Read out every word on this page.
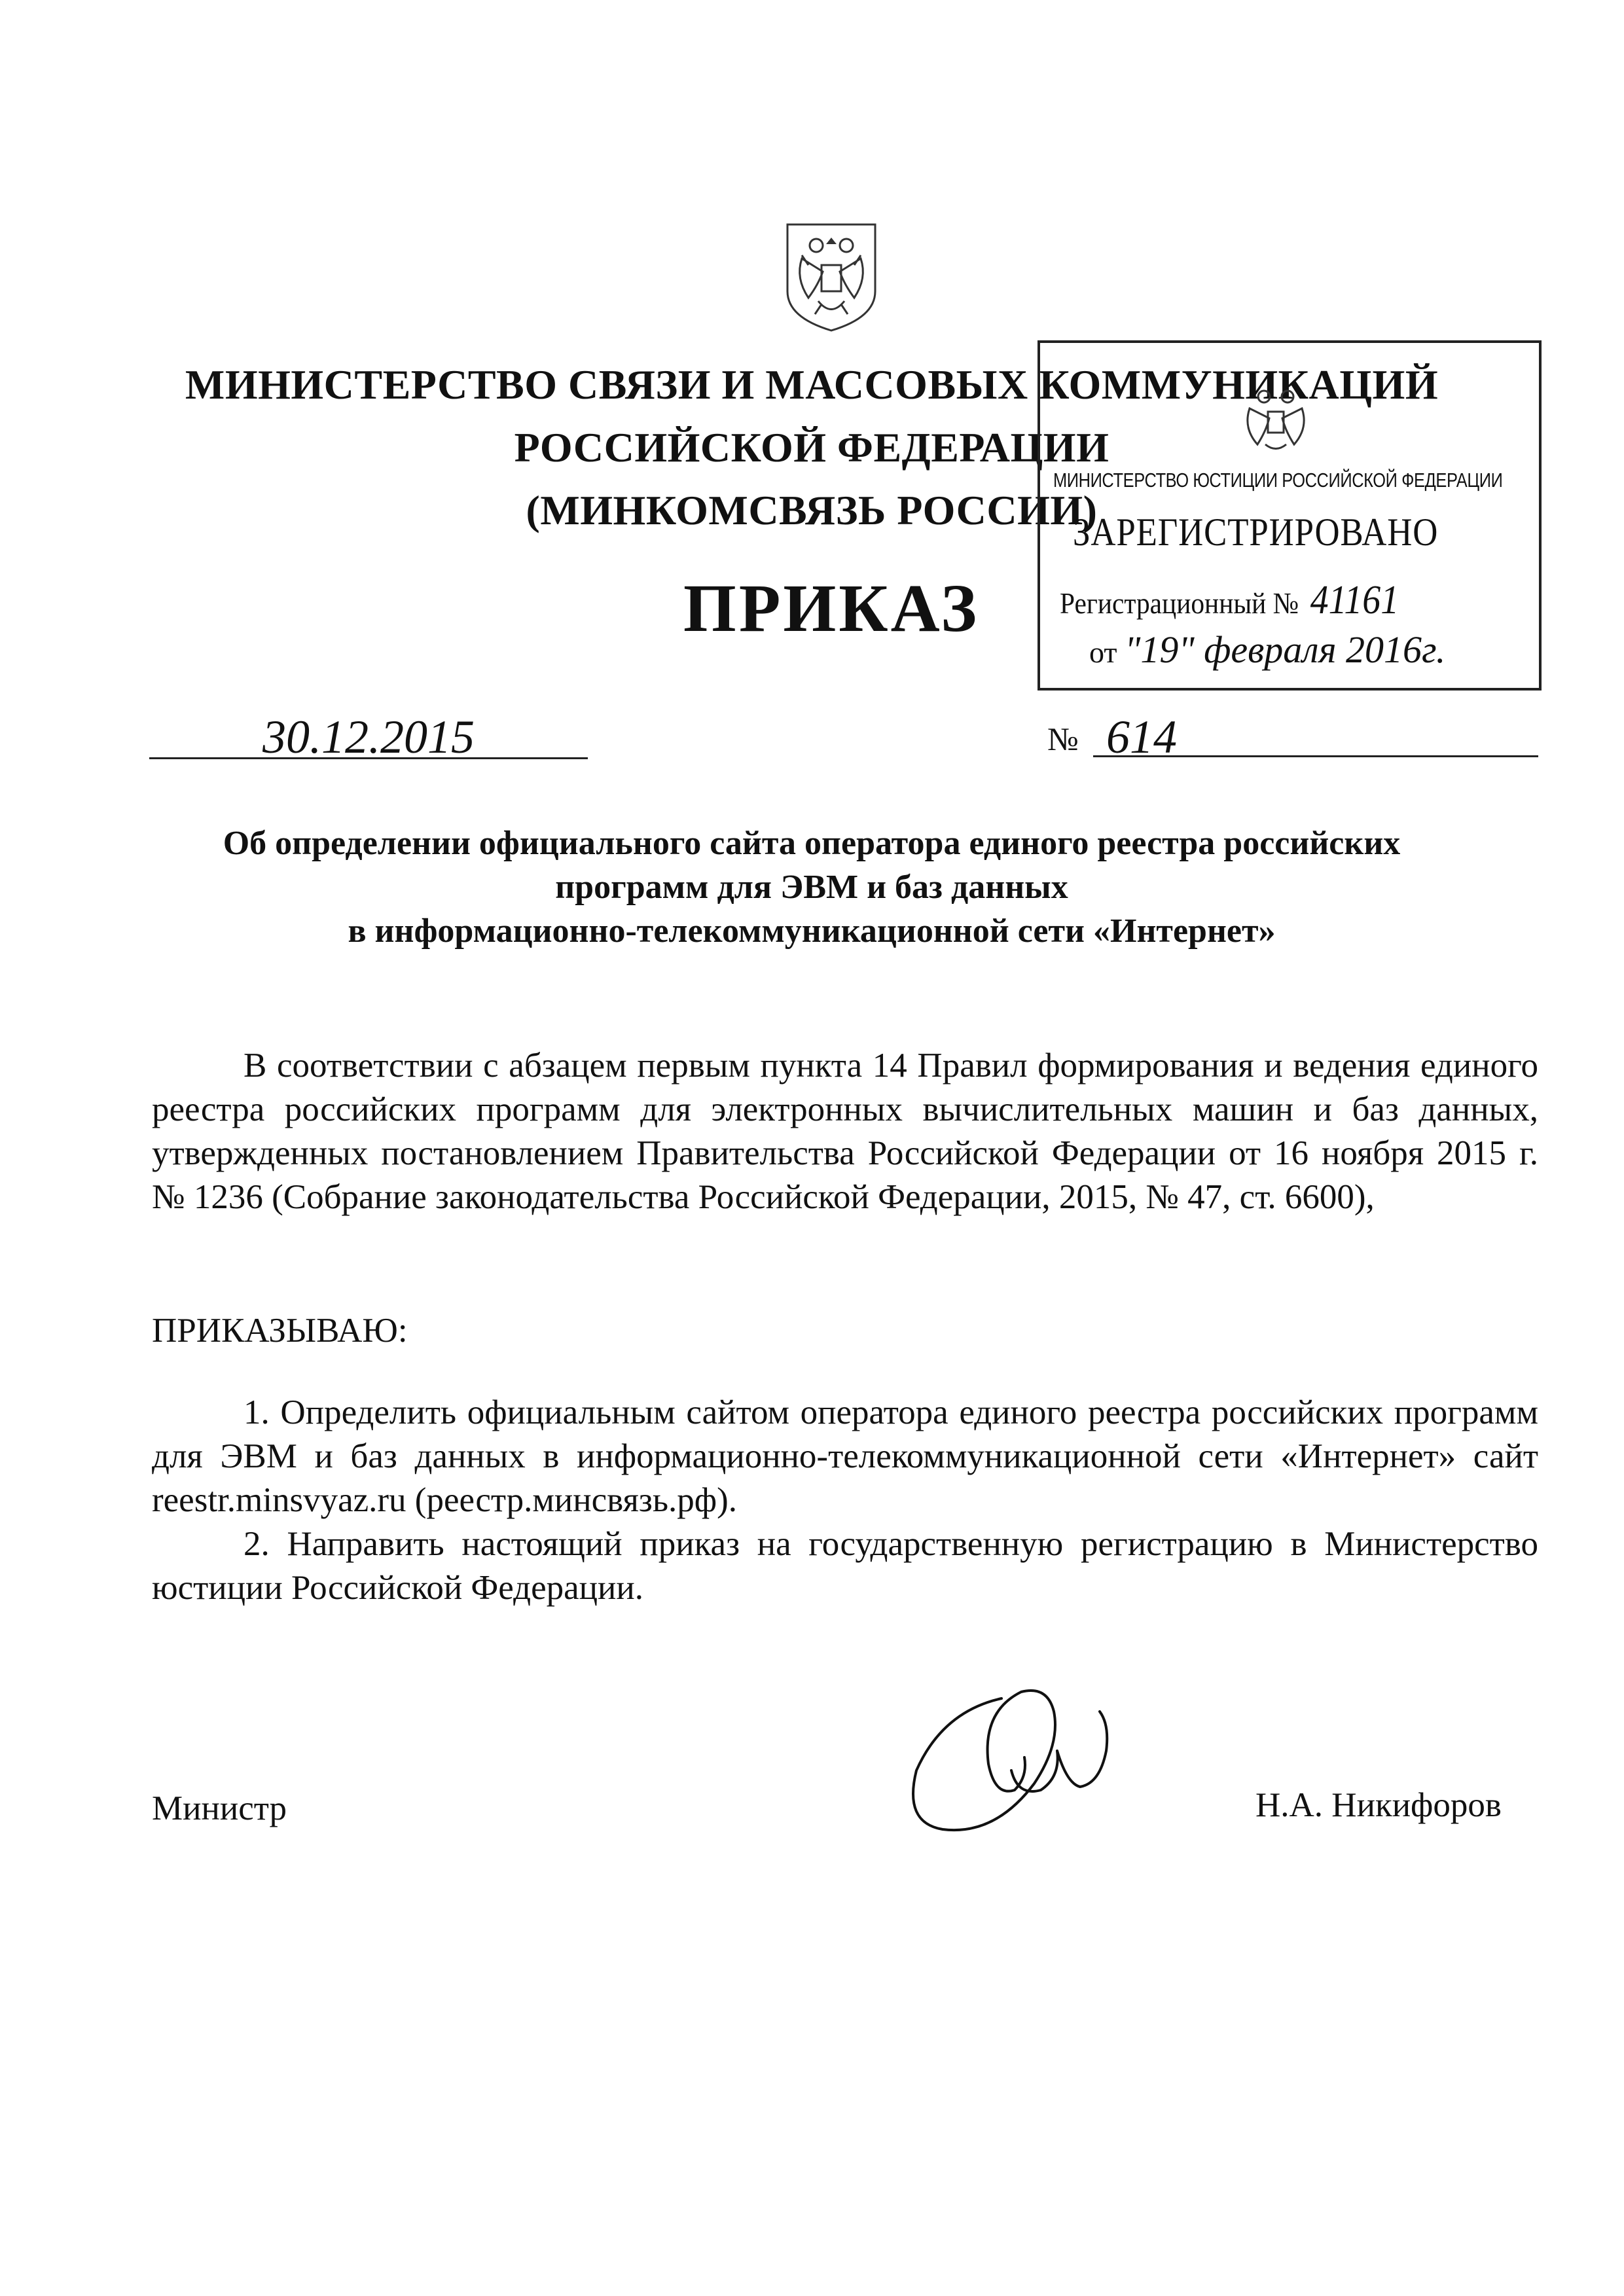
МИНИСТЕРСТВО СВЯЗИ И МАССОВЫХ КОММУНИКАЦИЙ
РОССИЙСКОЙ ФЕДЕРАЦИИ
(МИНКОМСВЯЗЬ РОССИИ)
ПРИКАЗ
МИНИСТЕРСТВО ЮСТИЦИИ РОССИЙСКОЙ ФЕДЕРАЦИИ
ЗАРЕГИСТРИРОВАНО
Регистрационный № 41161
от "19" февраля 2016г.
30.12.2015	№ 614
Об определении официального сайта оператора единого реестра российских
программ для ЭВМ и баз данных
в информационно-телекоммуникационной сети «Интернет»

В соответствии с абзацем первым пункта 14 Правил формирования и ведения единого реестра российских программ для электронных вычислительных машин и баз данных, утвержденных постановлением Правительства Российской Федерации от 16 ноября 2015 г. № 1236 (Собрание законодательства Российской Федерации, 2015, № 47, ст. 6600),

ПРИКАЗЫВАЮ:

1. Определить официальным сайтом оператора единого реестра российских программ для ЭВМ и баз данных в информационно-телекоммуникационной сети «Интернет» сайт reestr.minsvyaz.ru (реестр.минсвязь.рф).

2. Направить настоящий приказ на государственную регистрацию в Министерство юстиции Российской Федерации.

Министр	Н.А. Никифоров
